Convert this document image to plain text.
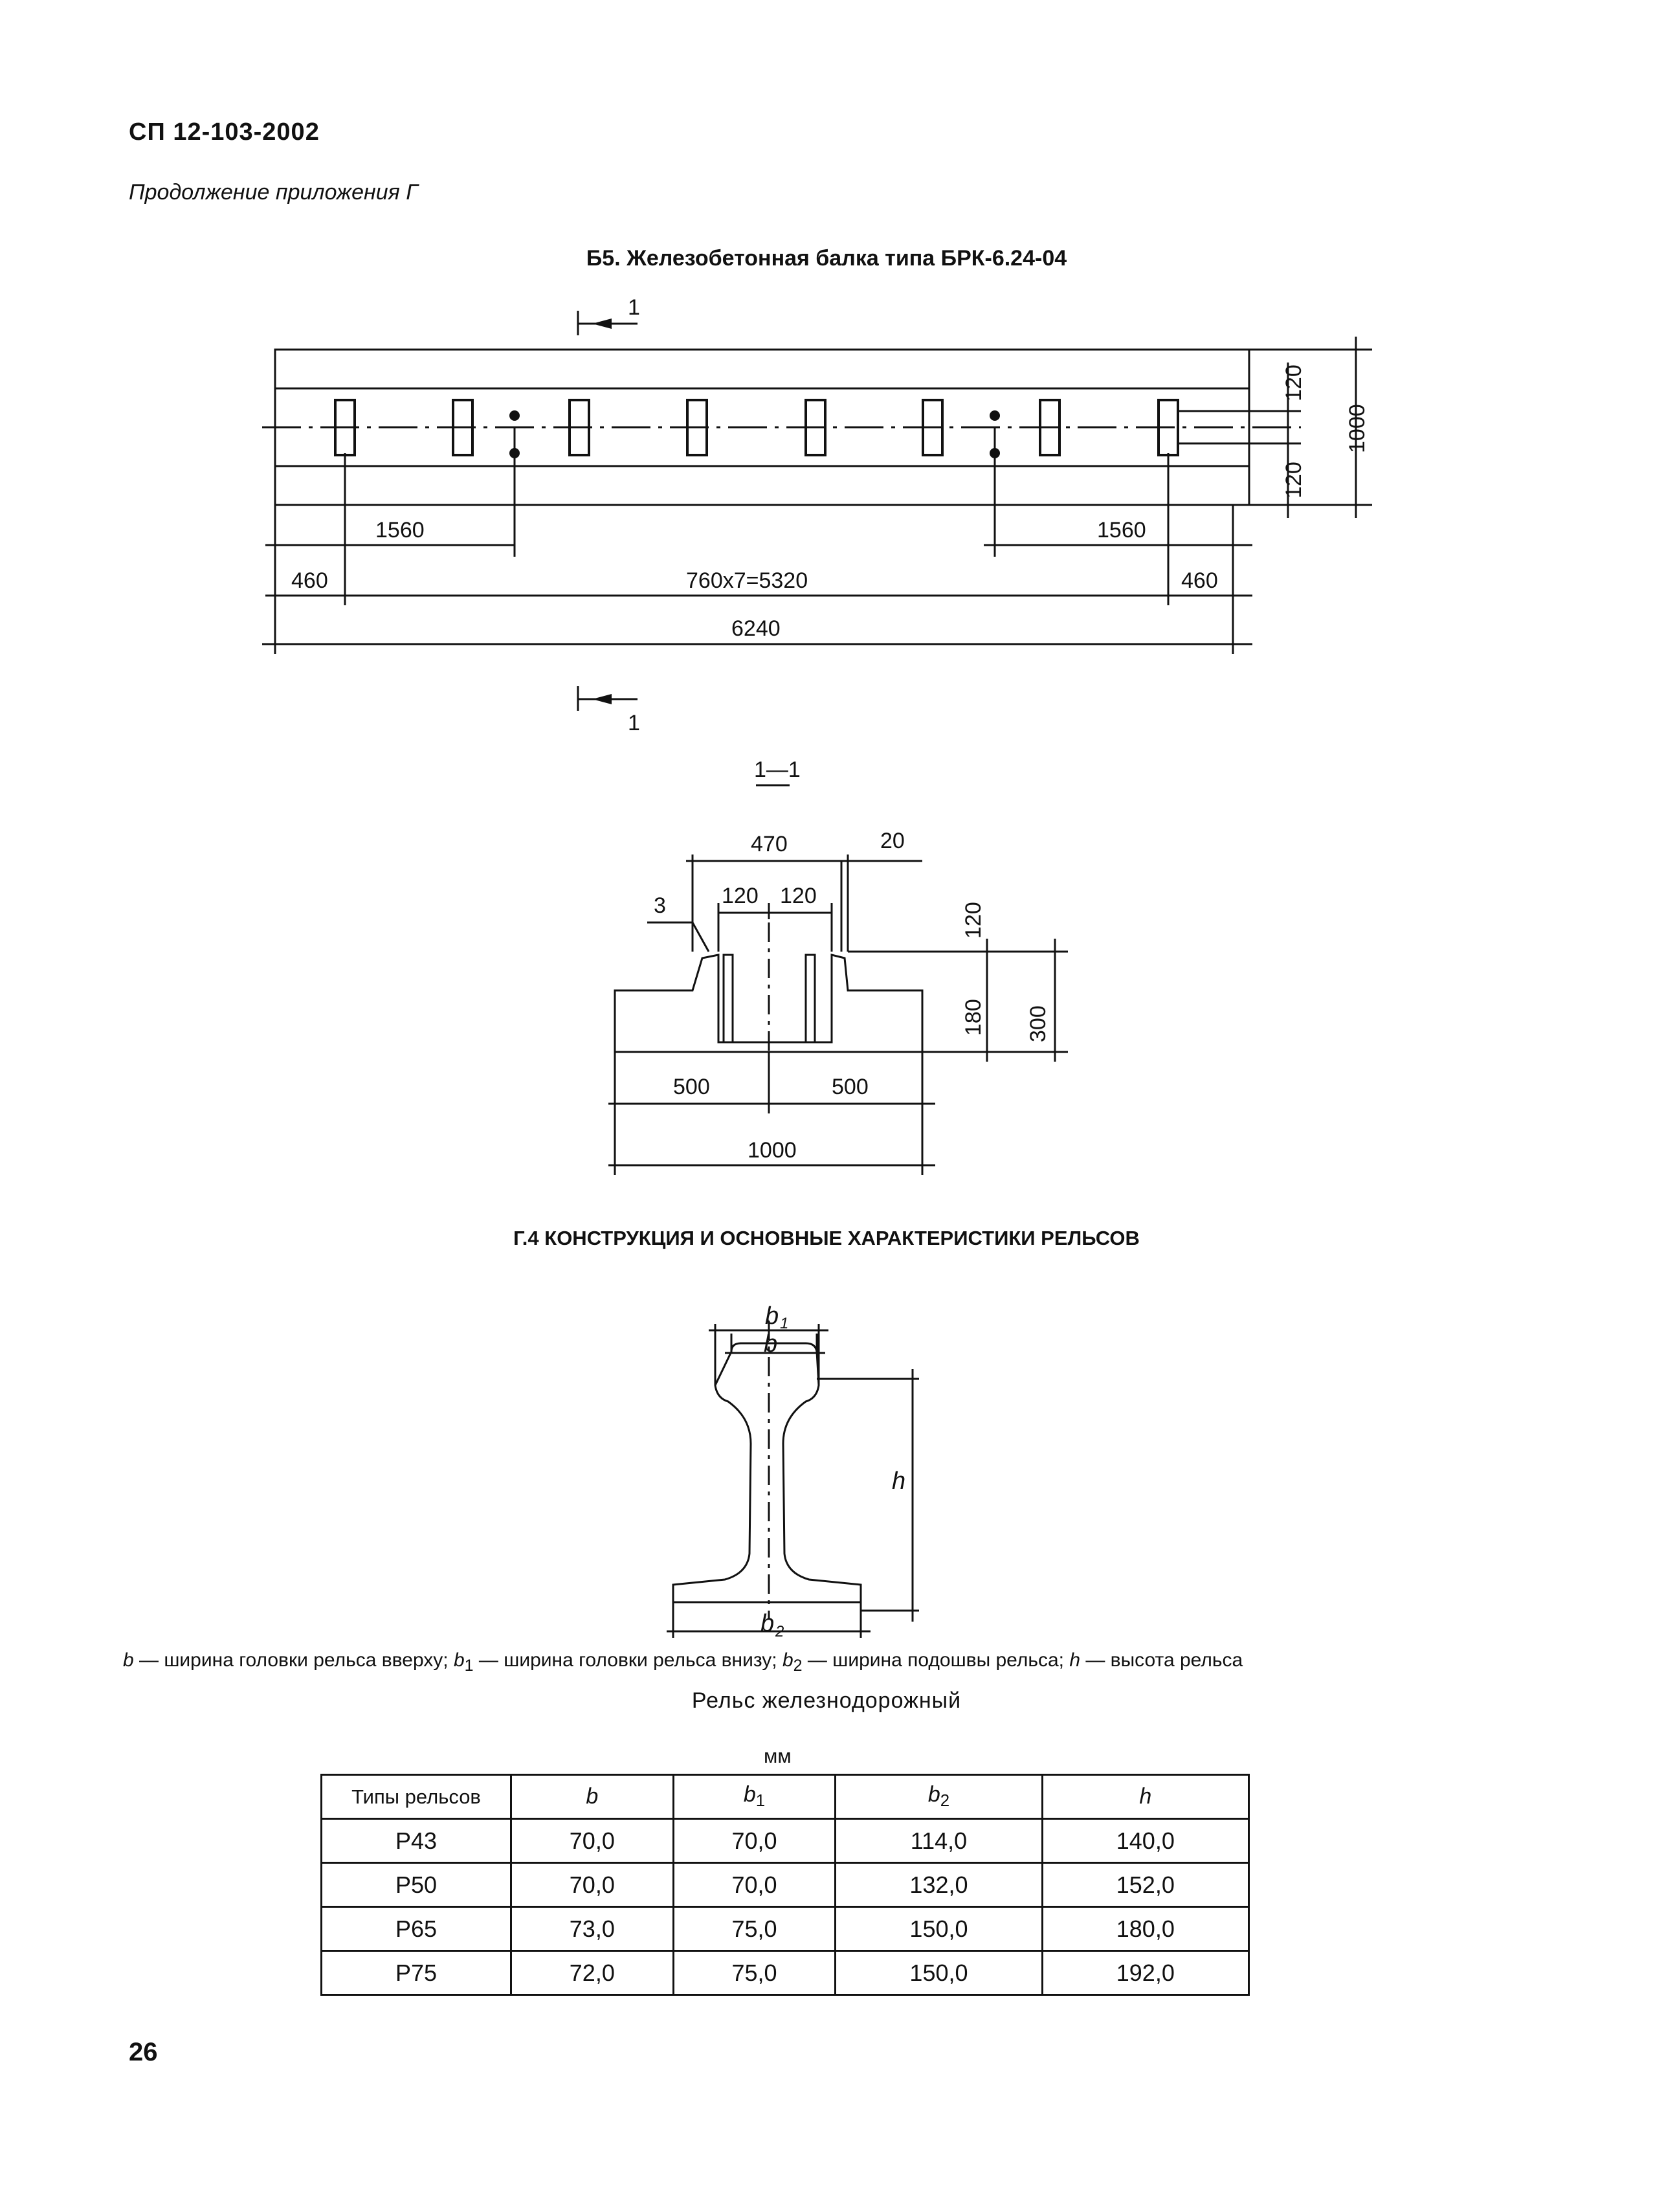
СП 12-103-2002
Продолжение приложения Г
Б5. Железобетонная балка типа БРК-6.24-04
1
1
1560	1560
460	760х7=5320	460
6240
120
120
1000
1—1
470	20
3	120 120
120
300
180
500	500
1000
Г.4 КОНСТРУКЦИЯ И ОСНОВНЫЕ ХАРАКТЕРИСТИКИ РЕЛЬСОВ
b 1
b
b 2
h
b — ширина головки рельса вверху; $b_1$ — ширина головки рельса внизу; $b_2$ — ширина подошвы рельса; h — высота рельса
Рельс железнодорожный
мм
Типы рельсов	b	$b_1$	$b_2$	h
Р43	70,0	70,0	114,0	140,0
Р50	70,0	70,0	132,0	152,0
Р65	73,0	75,0	150,0	180,0
Р75	72,0	75,0	150,0	192,0
26
